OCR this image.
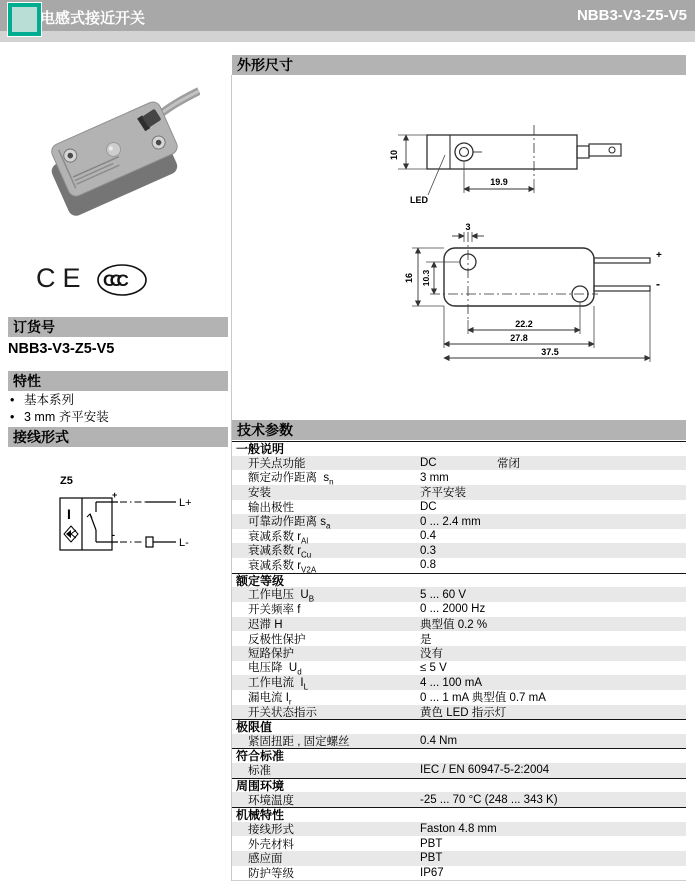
电感式接近开关	NBB3-V3-Z5-V5
CE CCC
订货号
NBB3-V3-Z5-V5
特性
• 基本系列
• 3 mm 齐平安装
接线形式
Z5
I
+
L+
-
L-
外形尺寸
10
19.9
LED
+
-
3
16 10.3
22.2
27.8
37.5
技术参数
一般说明
开关点功能	DC	常闭
额定动作距离  $s_n$	3 mm
安装	齐平安装
输出极性	DC
可靠动作距离 $s_a$	0 ... 2.4 mm
衰减系数 $r_{Al}$	0.4
衰减系数 $r_{Cu}$	0.3
衰减系数 $r_{V2A}$	0.8
额定等级
工作电压  $U_B$	5 ... 60 V
开关频率 f	0 ... 2000 Hz
迟滞 H	典型值 0.2 %
反极性保护	是
短路保护	没有
电压降  $U_d$	≤ 5 V
工作电流  $I_L$	4 ... 100 mA
漏电流 $I_r$	0 ... 1 mA 典型值 0.7 mA
开关状态指示	黄色 LED 指示灯
极限值
紧固扭距 , 固定螺丝	0.4 Nm
符合标准
标准	IEC / EN 60947-5-2:2004
周围环境
环境温度	-25 ... 70 °C (248 ... 343 K)
机械特性
接线形式	Faston 4.8 mm
外壳材料	PBT
感应面	PBT
防护等级	IP67
